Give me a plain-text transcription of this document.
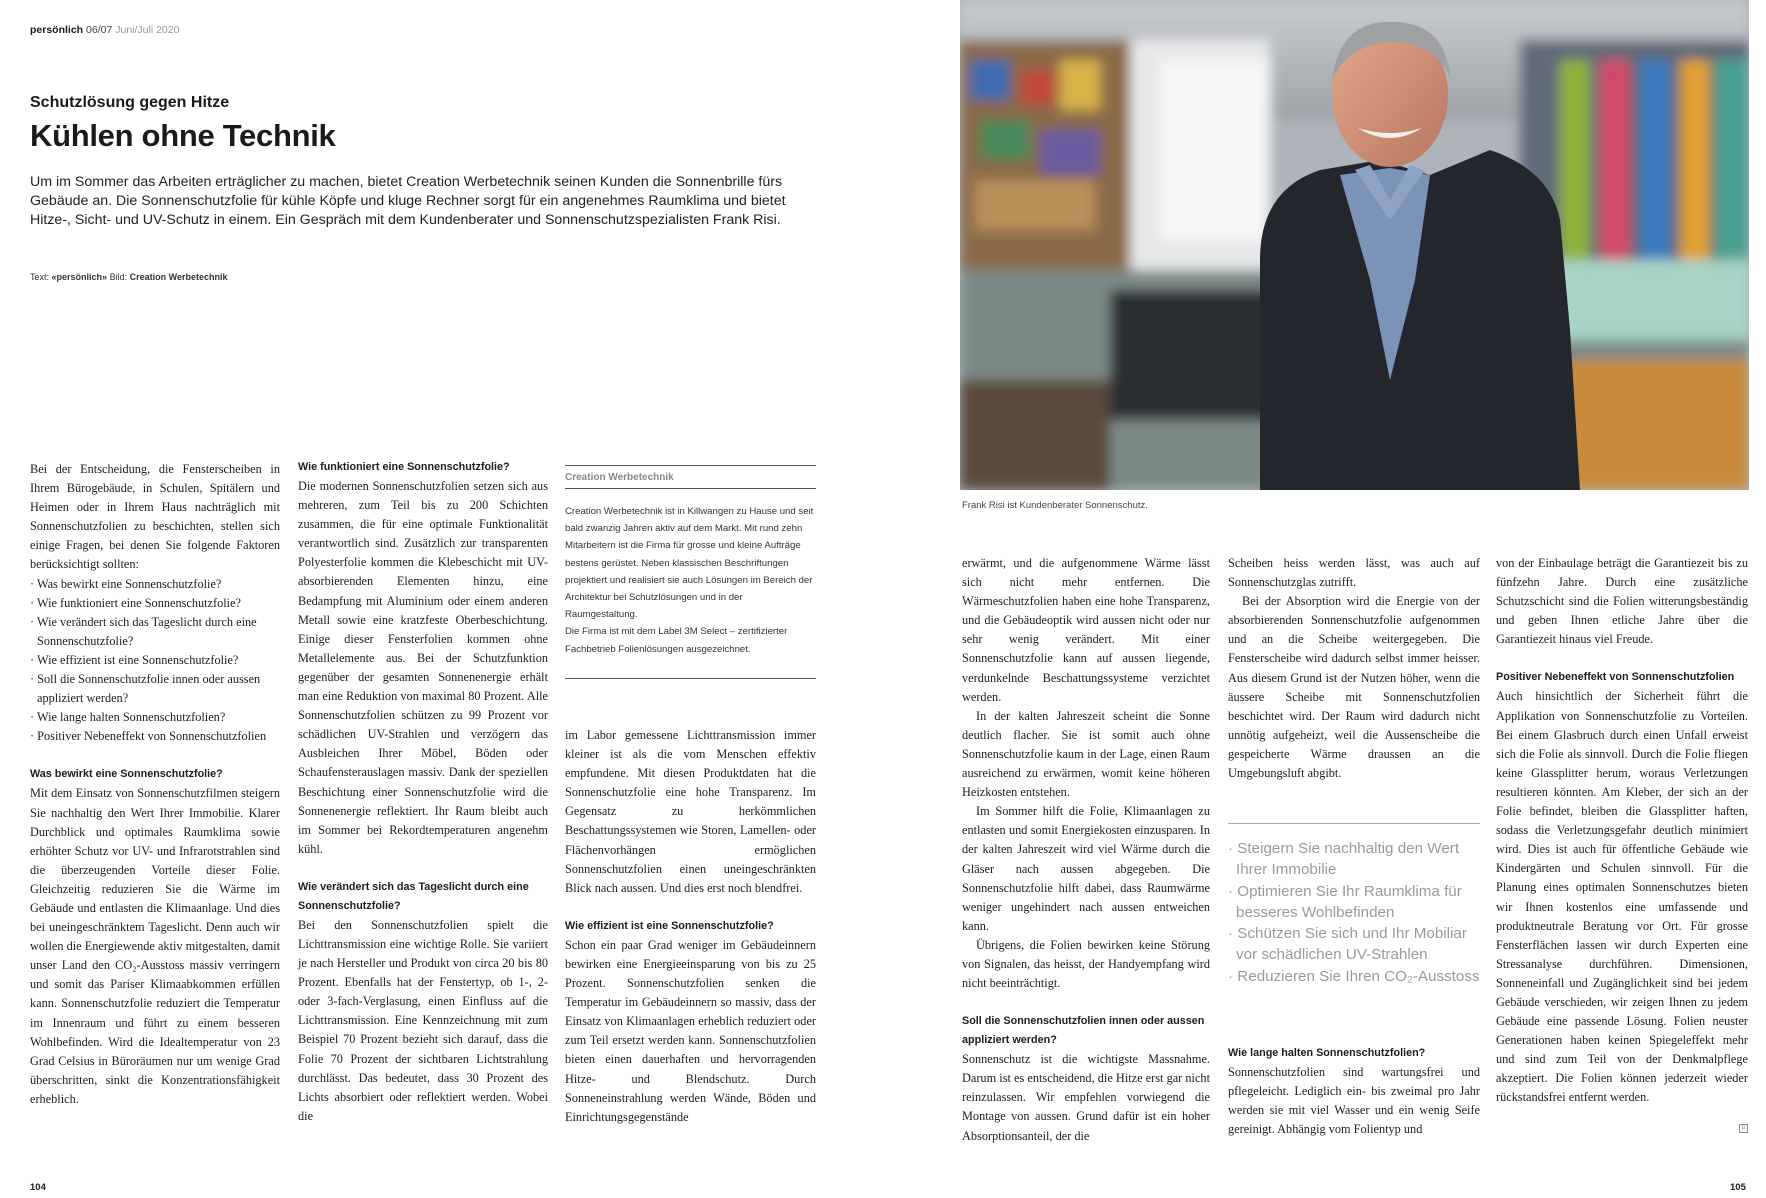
persönlich 06/07 Juni/Juli 2020
Schutzlösung gegen Hitze
Kühlen ohne Technik
Um im Sommer das Arbeiten erträglicher zu machen, bietet Creation Werbetechnik seinen Kunden die Sonnenbrille fürs Gebäude an. Die Sonnenschutzfolie für kühle Köpfe und kluge Rechner sorgt für ein angenehmes Raumklima und bietet Hitze-, Sicht- und UV-Schutz in einem. Ein Gespräch mit dem Kundenberater und Sonnenschutzspezialisten Frank Risi.
Text: «persönlich» Bild: Creation Werbetechnik

Bei der Entscheidung, die Fensterscheiben in Ihrem Bürogebäude, in Schulen, Spitälern und Heimen oder in Ihrem Haus nachträglich mit Sonnenschutzfolien zu beschichten, stellen sich einige Fragen, bei denen Sie folgende Faktoren berücksichtigt sollten:

· Was bewirkt eine Sonnenschutzfolie?
· Wie funktioniert eine Sonnenschutzfolie?
· Wie verändert sich das Tageslicht durch eine Sonnenschutzfolie?
· Wie effizient ist eine Sonnenschutzfolie?
· Soll die Sonnenschutzfolie innen oder aussen appliziert werden?
· Wie lange halten Sonnenschutzfolien?
· Positiver Nebeneffekt von Sonnenschutzfolien
Was bewirkt eine Sonnenschutzfolie?

Mit dem Einsatz von Sonnenschutzfilmen steigern Sie nachhaltig den Wert Ihrer Immobilie. Klarer Durchblick und optimales Raumklima sowie erhöhter Schutz vor UV- und Infrarotstrahlen sind die überzeugenden Vorteile dieser Folie. Gleichzeitig reduzieren Sie die Wärme im Gebäude und entlasten die Klimaanlage. Und dies bei uneingeschränktem Tageslicht. Denn auch wir wollen die Energiewende aktiv mitgestalten, damit unser Land den CO₂-Ausstoss massiv verringern und somit das Pariser Klimaabkommen erfüllen kann. Sonnenschutzfolie reduziert die Temperatur im Innenraum und führt zu einem besseren Wohlbefinden. Wird die Idealtemperatur von 23 Grad Celsius in Büroräumen nur um wenige Grad überschritten, sinkt die Konzentrationsfähigkeit erheblich.

Wie funktioniert eine Sonnenschutzfolie?

Die modernen Sonnenschutzfolien setzen sich aus mehreren, zum Teil bis zu 200 Schichten zusammen, die für eine optimale Funktionalität verantwortlich sind. Zusätzlich zur transparenten Polyesterfolie kommen die Klebeschicht mit UV-absorbierenden Elementen hinzu, eine Bedampfung mit Aluminium oder einem anderen Metall sowie eine kratzfeste Oberbeschichtung. Einige dieser Fensterfolien kommen ohne Metallelemente aus. Bei der Schutzfunktion gegenüber der gesamten Sonnenenergie erhält man eine Reduktion von maximal 80 Prozent. Alle Sonnenschutzfolien schützen zu 99 Prozent vor schädlichen UV-Strahlen und verzögern das Ausbleichen Ihrer Möbel, Böden oder Schaufensterauslagen massiv. Dank der speziellen Beschichtung einer Sonnenschutzfolie wird die Sonnenenergie reflektiert. Ihr Raum bleibt auch im Sommer bei Rekordtemperaturen angenehm kühl.

Wie verändert sich das Tageslicht durch eine Sonnenschutzfolie?

Bei den Sonnenschutzfolien spielt die Lichttransmission eine wichtige Rolle. Sie variiert je nach Hersteller und Produkt von circa 20 bis 80 Prozent. Ebenfalls hat der Fenstertyp, ob 1-, 2- oder 3-fach-Verglasung, einen Einfluss auf die Lichttransmission. Eine Kennzeichnung mit zum Beispiel 70 Prozent bezieht sich darauf, dass die Folie 70 Prozent der sichtbaren Lichtstrahlung durchlässt. Das bedeutet, dass 30 Prozent des Lichts absorbiert oder reflektiert werden. Wobei die

Creation Werbetechnik
Creation Werbetechnik ist in Killwangen zu Hause und seit bald zwanzig Jahren aktiv auf dem Markt. Mit rund zehn Mitarbeitern ist die Firma für grosse und kleine Aufträge bestens gerüstet. Neben klassischen Beschriftungen projektiert und realisiert sie auch Lösungen im Bereich der Architektur bei Schutzlösungen und in der Raumgestaltung.
Die Firma ist mit dem Label 3M Select – zertifizierter Fachbetrieb Folienlösungen ausgezeichnet.

im Labor gemessene Lichttransmission immer kleiner ist als die vom Menschen effektiv empfundene. Mit diesen Produktdaten hat die Sonnenschutzfolie eine hohe Transparenz. Im Gegensatz zu herkömmlichen Beschattungssystemen wie Storen, Lamellen- oder Flächenvorhängen ermöglichen Sonnenschutzfolien einen uneingeschränkten Blick nach aussen. Und dies erst noch blendfrei.

Wie effizient ist eine Sonnenschutzfolie?

Schon ein paar Grad weniger im Gebäudeinnern bewirken eine Energieeinsparung von bis zu 25 Prozent. Sonnenschutzfolien senken die Temperatur im Gebäudeinnern so massiv, dass der Einsatz von Klimaanlagen erheblich reduziert oder zum Teil ersetzt werden kann. Sonnenschutzfolien bieten einen dauerhaften und hervorragenden Hitze- und Blendschutz. Durch Sonneneinstrahlung werden Wände, Böden und Einrichtungsgegenstände

104
Frank Risi ist Kundenberater Sonnenschutz.

erwärmt, und die aufgenommene Wärme lässt sich nicht mehr entfernen. Die Wärmeschutzfolien haben eine hohe Transparenz, und die Gebäudeoptik wird aussen nicht oder nur sehr wenig verändert. Mit einer Sonnenschutzfolie kann auf aussen liegende, verdunkelnde Beschattungssysteme verzichtet werden.

In der kalten Jahreszeit scheint die Sonne deutlich flacher. Sie ist somit auch ohne Sonnenschutzfolie kaum in der Lage, einen Raum ausreichend zu erwärmen, womit keine höheren Heizkosten entstehen.

Im Sommer hilft die Folie, Klimaanlagen zu entlasten und somit Energiekosten einzusparen. In der kalten Jahreszeit wird viel Wärme durch die Gläser nach aussen abgegeben. Die Sonnenschutzfolie hilft dabei, dass Raumwärme weniger ungehindert nach aussen entweichen kann.

Übrigens, die Folien bewirken keine Störung von Signalen, das heisst, der Handyempfang wird nicht beeinträchtigt.

Soll die Sonnenschutzfolien innen oder aussen appliziert werden?

Sonnenschutz ist die wichtigste Massnahme. Darum ist es entscheidend, die Hitze erst gar nicht reinzulassen. Wir empfehlen vorwiegend die Montage von aussen. Grund dafür ist ein hoher Absorptionsanteil, der die

Scheiben heiss werden lässt, was auch auf Sonnenschutzglas zutrifft.

Bei der Absorption wird die Energie von der absorbierenden Sonnenschutzfolie aufgenommen und an die Scheibe weitergegeben. Die Fensterscheibe wird dadurch selbst immer heisser. Aus diesem Grund ist der Nutzen höher, wenn die äussere Scheibe mit Sonnenschutzfolien beschichtet wird. Der Raum wird dadurch nicht unnötig aufgeheizt, weil die Aussenscheibe die gespeicherte Wärme draussen an die Umgebungsluft abgibt.

· Steigern Sie nachhaltig den Wert Ihrer Immobilie
· Optimieren Sie Ihr Raumklima für besseres Wohlbefinden
· Schützen Sie sich und Ihr Mobiliar vor schädlichen UV-Strahlen
· Reduzieren Sie Ihren CO₂-Ausstoss
Wie lange halten Sonnenschutzfolien?

Sonnenschutzfolien sind wartungsfrei und pflegeleicht. Lediglich ein- bis zweimal pro Jahr werden sie mit viel Wasser und ein wenig Seife gereinigt. Abhängig vom Folientyp und

von der Einbaulage beträgt die Garantiezeit bis zu fünfzehn Jahre. Durch eine zusätzliche Schutzschicht sind die Folien witterungsbeständig und geben Ihnen etliche Jahre über die Garantiezeit hinaus viel Freude.

Positiver Nebeneffekt von Sonnenschutzfolien

Auch hinsichtlich der Sicherheit führt die Applikation von Sonnenschutzfolie zu Vorteilen. Bei einem Glasbruch durch einen Unfall erweist sich die Folie als sinnvoll. Durch die Folie fliegen keine Glassplitter herum, woraus Verletzungen resultieren könnten. Am Kleber, der sich an der Folie befindet, bleiben die Glassplitter haften, sodass die Verletzungsgefahr deutlich minimiert wird. Dies ist auch für öffentliche Gebäude wie Kindergärten und Schulen sinnvoll. Für die Planung eines optimalen Sonnenschutzes bieten wir Ihnen kostenlos eine umfassende und produktneutrale Beratung vor Ort. Für grosse Fensterflächen lassen wir durch Experten eine Stressanalyse durchführen. Dimensionen, Sonneneinfall und Zugänglichkeit sind bei jedem Gebäude verschieden, wir zeigen Ihnen zu jedem Gebäude eine passende Lösung. Folien neuster Generationen haben keinen Spiegeleffekt mehr und sind zum Teil von der Denkmalpflege akzeptiert. Die Folien können jederzeit wieder rückstandsfrei entfernt werden.

p
105
